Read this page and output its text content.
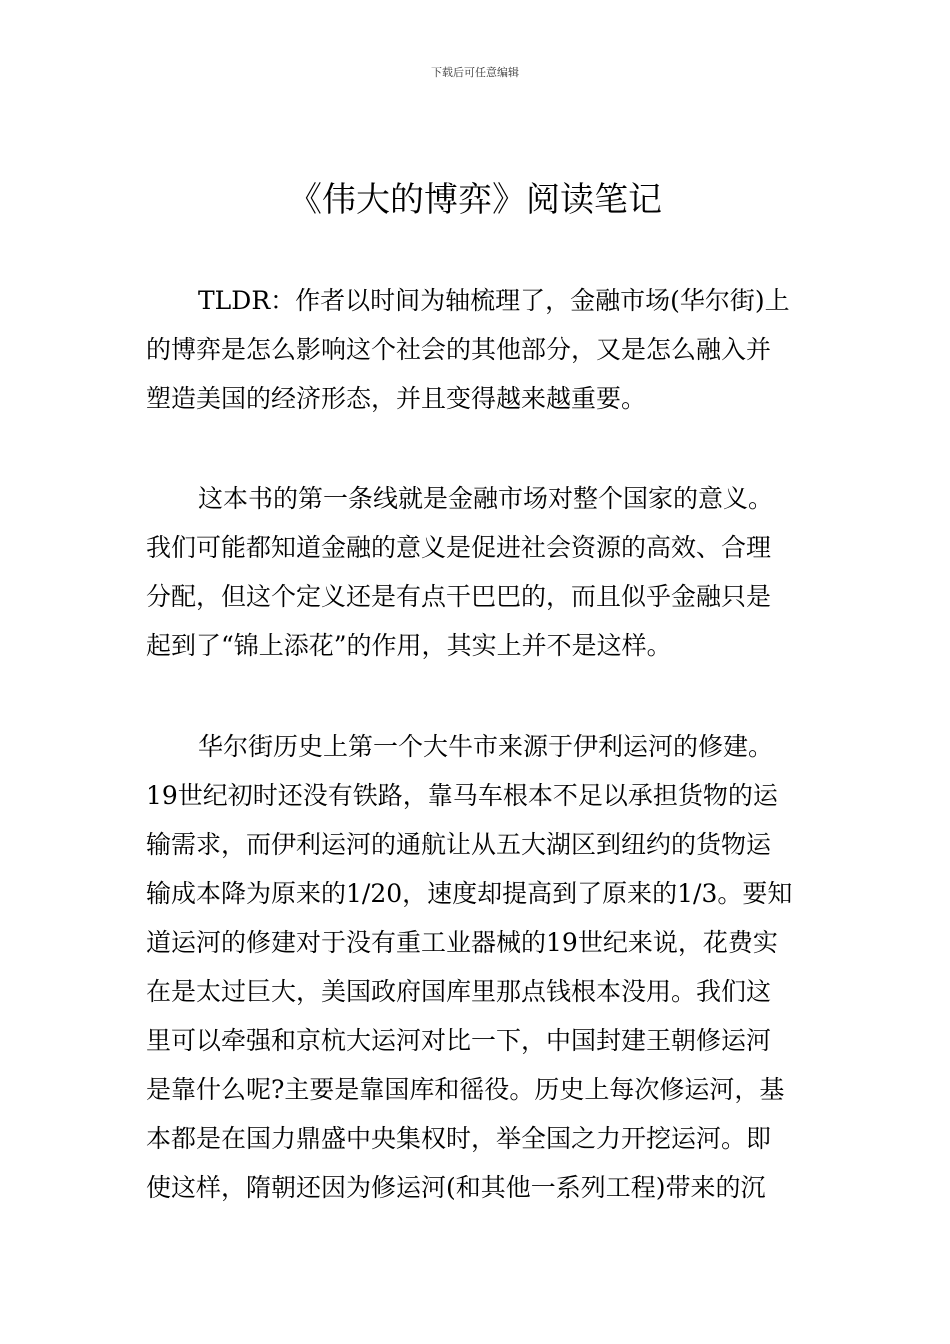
下载后可任意编辑
《伟大的博弈》阅读笔记
TLDR：作者以时间为轴梳理了，金融市场(华尔街)上
的博弈是怎么影响这个社会的其他部分，又是怎么融入并
塑造美国的经济形态，并且变得越来越重要。
这本书的第一条线就是金融市场对整个国家的意义。
我们可能都知道金融的意义是促进社会资源的高效、合理
分配，但这个定义还是有点干巴巴的，而且似乎金融只是
起到了“锦上添花”的作用，其实上并不是这样。
华尔街历史上第一个大牛市来源于伊利运河的修建。
19世纪初时还没有铁路，靠马车根本不足以承担货物的运
输需求，而伊利运河的通航让从五大湖区到纽约的货物运
输成本降为原来的1/20，速度却提高到了原来的1/3。要知
道运河的修建对于没有重工业器械的19世纪来说，花费实
在是太过巨大，美国政府国库里那点钱根本没用。我们这
里可以牵强和京杭大运河对比一下，中国封建王朝修运河
是靠什么呢?主要是靠国库和徭役。历史上每次修运河，基
本都是在国力鼎盛中央集权时，举全国之力开挖运河。即
使这样，隋朝还因为修运河(和其他一系列工程)带来的沉
